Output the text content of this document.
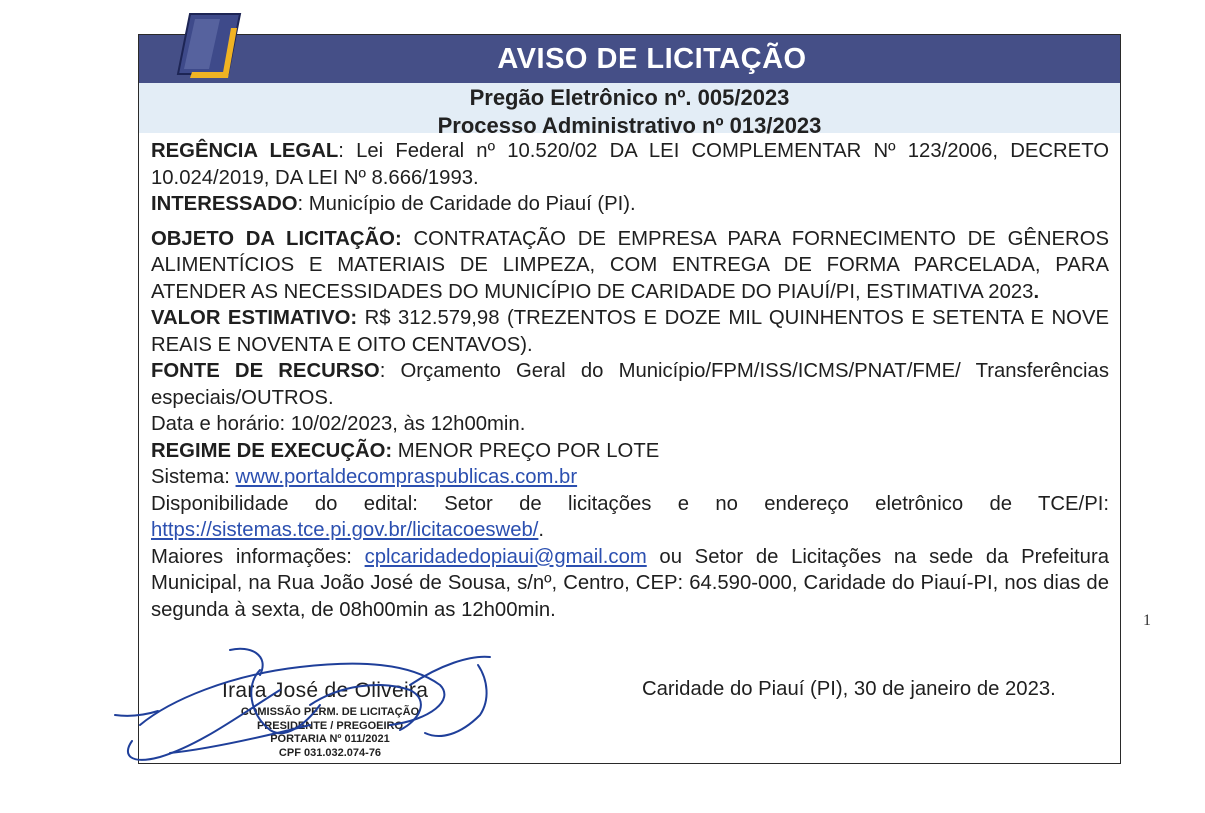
AVISO DE LICITAÇÃO
Pregão Eletrônico nº. 005/2023
Processo Administrativo nº 013/2023

REGÊNCIA LEGAL: Lei Federal nº 10.520/02 DA LEI COMPLEMENTAR Nº 123/2006, DECRETO 10.024/2019, DA LEI Nº 8.666/1993.

INTERESSADO: Município de Caridade do Piauí (PI).

OBJETO DA LICITAÇÃO: CONTRATAÇÃO DE EMPRESA PARA FORNECIMENTO DE GÊNEROS ALIMENTÍCIOS E MATERIAIS DE LIMPEZA, COM ENTREGA DE FORMA PARCELADA, PARA ATENDER AS NECESSIDADES DO MUNICÍPIO DE CARIDADE DO PIAUÍ/PI, ESTIMATIVA 2023.

VALOR ESTIMATIVO: R$ 312.579,98 (TREZENTOS E DOZE MIL QUINHENTOS E SETENTA E NOVE REAIS E NOVENTA E OITO CENTAVOS).

FONTE DE RECURSO: Orçamento Geral do Município/FPM/ISS/ICMS/PNAT/FME/ Transferências especiais/OUTROS.

Data e horário: 10/02/2023, às 12h00min.

REGIME DE EXECUÇÃO: MENOR PREÇO POR LOTE

Sistema: www.portaldecompraspublicas.com.br

Disponibilidade do edital: Setor de licitações e no endereço eletrônico de TCE/PI: https://sistemas.tce.pi.gov.br/licitacoesweb/.

Maiores informações: cplcaridadedopiaui@gmail.com ou Setor de Licitações na sede da Prefeitura Municipal, na Rua João José de Sousa, s/nº, Centro, CEP: 64.590-000, Caridade do Piauí-PI, nos dias de segunda à sexta, de 08h00min as 12h00min.	1
Caridade do Piauí (PI), 30 de janeiro de 2023.
Irara José de Oliveira
COMISSÃO PERM. DE LICITAÇÃO
PRESIDENTE / PREGOEIRO
PORTARIA Nº 011/2021
CPF 031.032.074-76
